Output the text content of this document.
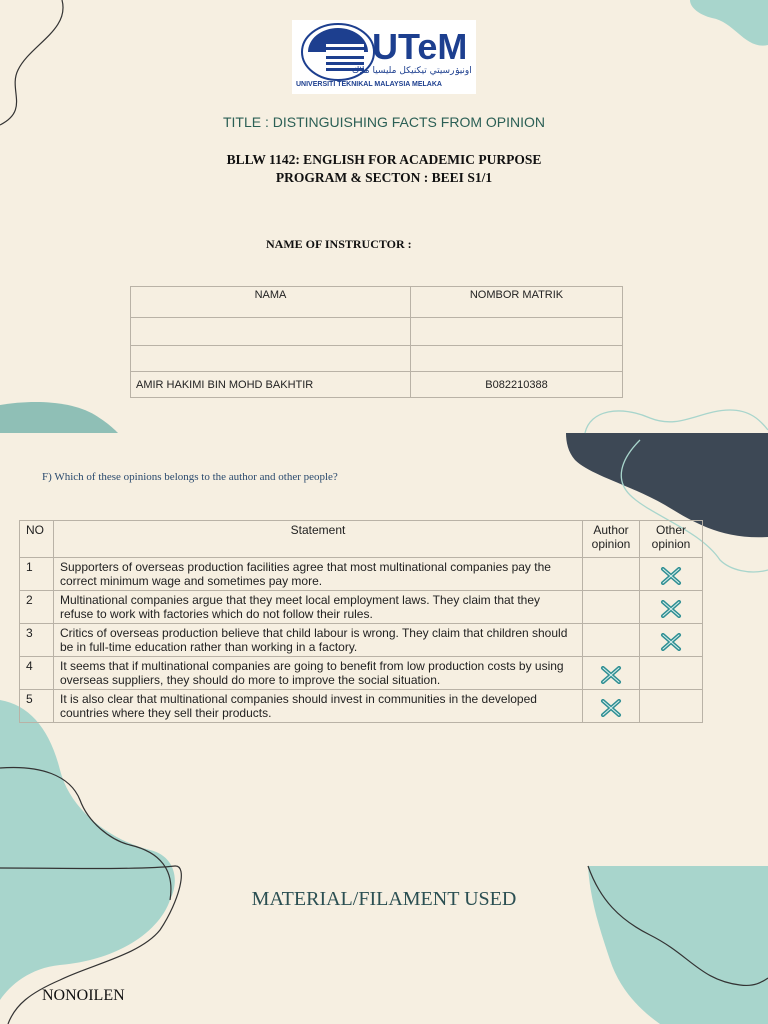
UTeM
اونيۏرسيتي تيكنيكل مليسيا ملاك
UNIVERSITI TEKNIKAL MALAYSIA MELAKA
TITLE : DISTINGUISHING FACTS FROM OPINION
BLLW 1142: ENGLISH FOR ACADEMIC PURPOSE
PROGRAM & SECTON : BEEI S1/1
NAME OF INSTRUCTOR :
NAMA	NOMBOR MATRIK

AMIR HAKIMI BIN MOHD BAKHTIR	B082210388
F) Which of these opinions belongs to the author and other people?
NO	Statement	Author opinion	Other opinion
1	Supporters of overseas production facilities agree that most multinational companies pay the correct minimum wage and sometimes pay more.		
2	Multinational companies argue that they meet local employment laws. They claim that they refuse to work with factories which do not follow their rules.		
3	Critics of overseas production believe that child labour is wrong. They claim that children should be in full-time education rather than working in a factory.		
4	It seems that if multinational companies are going to benefit from low production costs by using overseas suppliers, they should do more to improve the social situation.		
5	It is also clear that multinational companies should invest in communities in the developed countries where they sell their products.		
MATERIAL/FILAMENT USED
NONOILEN
